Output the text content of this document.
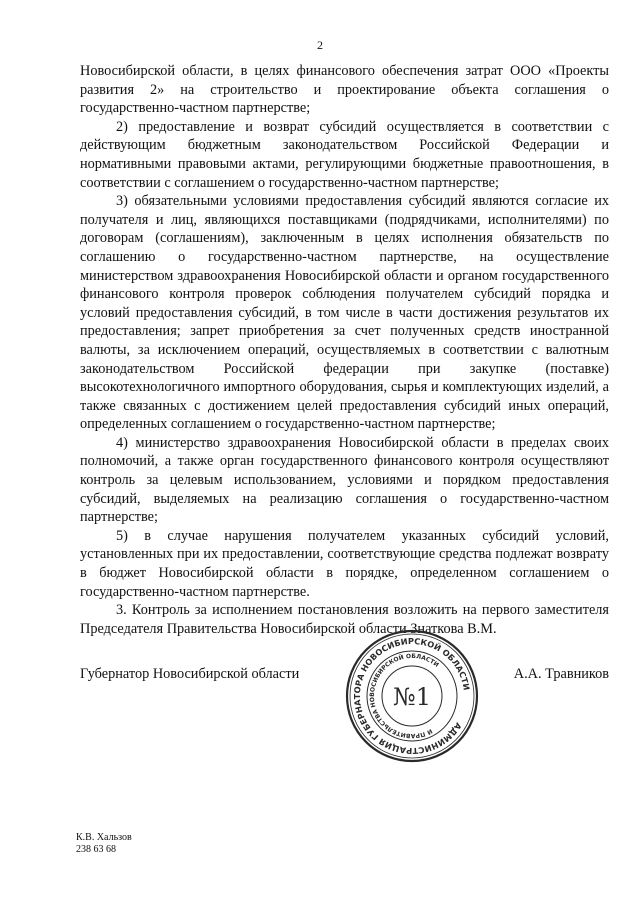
2

Новосибирской области, в целях финансового обеспечения затрат ООО «Проекты развития 2» на строительство и проектирование объекта соглашения о государственно-частном партнерстве;

2) предоставление и возврат субсидий осуществляется в соответствии с действующим бюджетным законодательством Российской Федерации и нормативными правовыми актами, регулирующими бюджетные правоотношения, в соответствии с соглашением о государственно-частном партнерстве;

3) обязательными условиями предоставления субсидий являются согласие их получателя и лиц, являющихся поставщиками (подрядчиками, исполнителями) по договорам (соглашениям), заключенным в целях исполнения обязательств по соглашению о государственно-частном партнерстве, на осуществление министерством здравоохранения Новосибирской области и органом государственного финансового контроля проверок соблюдения получателем субсидий порядка и условий предоставления субсидий, в том числе в части достижения результатов их предоставления; запрет приобретения за счет полученных средств иностранной валюты, за исключением операций, осуществляемых в соответствии с валютным законодательством Российской федерации при закупке (поставке) высокотехнологичного импортного оборудования, сырья и комплектующих изделий, а также связанных с достижением целей предоставления субсидий иных операций, определенных соглашением о государственно-частном партнерстве;

4) министерство здравоохранения Новосибирской области в пределах своих полномочий, а также орган государственного финансового контроля осуществляют контроль за целевым использованием, условиями и порядком предоставления субсидий, выделяемых на реализацию соглашения о государственно-частном партнерстве;

5) в случае нарушения получателем указанных субсидий условий, установленных при их предоставлении, соответствующие средства подлежат возврату в бюджет Новосибирской области в порядке, определенном соглашением о государственно-частном партнерстве.

3. Контроль за исполнением постановления возложить на первого заместителя Председателя Правительства Новосибирской области Знаткова В.М.

Губернатор Новосибирской области	А.А. Травников
АДМИНИСТРАЦИЯ ГУБЕРНАТОРА НОВОСИБИРСКОЙ ОБЛАСТИ
И ПРАВИТЕЛЬСТВА НОВОСИБИРСКОЙ ОБЛАСТИ
№1
К.В. Хальзов
238 63 68
